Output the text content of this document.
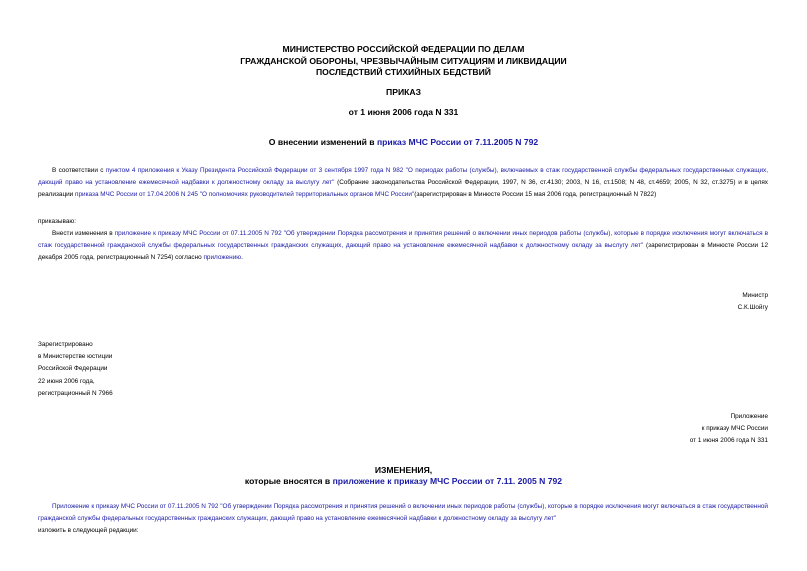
МИНИСТЕРСТВО РОССИЙСКОЙ ФЕДЕРАЦИИ ПО ДЕЛАМ
ГРАЖДАНСКОЙ ОБОРОНЫ, ЧРЕЗВЫЧАЙНЫМ СИТУАЦИЯМ И ЛИКВИДАЦИИ
ПОСЛЕДСТВИЙ СТИХИЙНЫХ БЕДСТВИЙ
ПРИКАЗ
от 1 июня 2006 года N 331
О внесении изменений в приказ МЧС России от 7.11.2005 N 792
В соответствии с пунктом 4 приложения к Указу Президента Российской Федерации от 3 сентября 1997 года N 982 "О периодах работы (службы), включаемых в стаж государственной службы федеральных государственных служащих, дающий право на установление ежемесячной надбавки к должностному окладу за выслугу лет" (Собрание законодательства Российской Федерации, 1997, N 36, ст.4130; 2003, N 16, ст.1508; N 48, ст.4659; 2005, N 32, ст.3275) и в целях реализации приказа МЧС России от 17.04.2006 N 245 "О полномочиях руководителей территориальных органов МЧС России"(зарегистрирован в Минюсте России 15 мая 2006 года, регистрационный N 7822)
приказываю:
Внести изменения в приложение к приказу МЧС России от 07.11.2005 N 792 "Об утверждении Порядка рассмотрения и принятия решений о включении иных периодов работы (службы), которые в порядке исключения могут включаться в стаж государственной гражданской службы федеральных государственных гражданских служащих, дающий право на установление ежемесячной надбавки к должностному окладу за выслугу лет" (зарегистрирован в Минюсте России 12 декабря 2005 года, регистрационный N 7254) согласно приложению.
Министр
С.К.Шойгу
Зарегистрировано
в Министерстве юстиции
Российской Федерации
22 июня 2006 года,
регистрационный N 7966
Приложение
к приказу МЧС России
от 1 июня 2006 года N 331
ИЗМЕНЕНИЯ,
которые вносятся в приложение к приказу МЧС России от 7.11. 2005 N 792
Приложение к приказу МЧС России от 07.11.2005 N 792 "Об утверждении Порядка рассмотрения и принятия решений о включении иных периодов работы (службы), которые в порядке исключения могут включаться в стаж государственной гражданской службы федеральных государственных гражданских служащих, дающий право на установление ежемесячной надбавки к должностному окладу за выслугу лет"
изложить в следующей редакции:
